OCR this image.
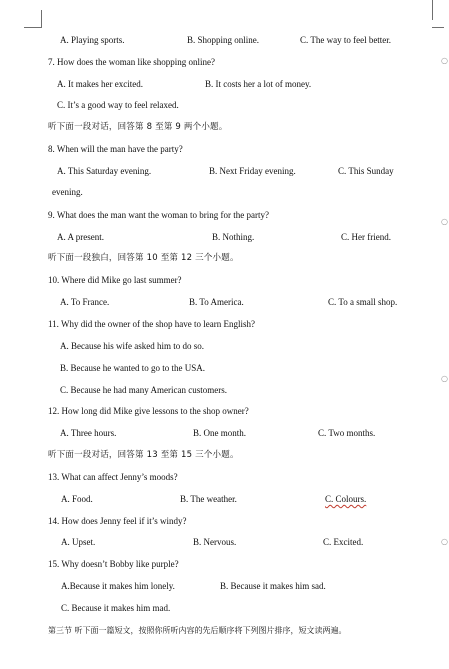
○
○
○
○
A. Playing sports.	B. Shopping online.	C. The way to feel better.
7. How does the woman like shopping online?
A. It makes her excited.	B. It costs her a lot of money.
C. It’s a good way to feel relaxed.
听下面一段对话，回答第 8 至第 9 两个小题。
8. When will the man have the party?
A. This Saturday evening.	B. Next Friday evening.	C. This Sunday
evening.
9. What does the man want the woman to bring for the party?
A. A present.	B. Nothing.	C. Her friend.
听下面一段独白，回答第 10 至第 12 三个小题。
10. Where did Mike go last summer?
A. To France.	B. To America.	C. To a small shop.
11. Why did the owner of the shop have to learn English?
A. Because his wife asked him to do so.
B. Because he wanted to go to the USA.
C. Because he had many American customers.
12. How long did Mike give lessons to the shop owner?
A. Three hours.	B. One month.	C. Two months.
听下面一段对话，回答第 13 至第 15 三个小题。
13. What can affect Jenny’s moods?
A. Food.	B. The weather.	C. Colours.
14. How does Jenny feel if it’s windy?
A. Upset.	B. Nervous.	C. Excited.
15. Why doesn’t Bobby like purple?
A.Because it makes him lonely.	B. Because it makes him sad.
C. Because it makes him mad.
第三节 听下面一篇短文，按照你所听内容的先后顺序将下列图片排序，短文读两遍。
